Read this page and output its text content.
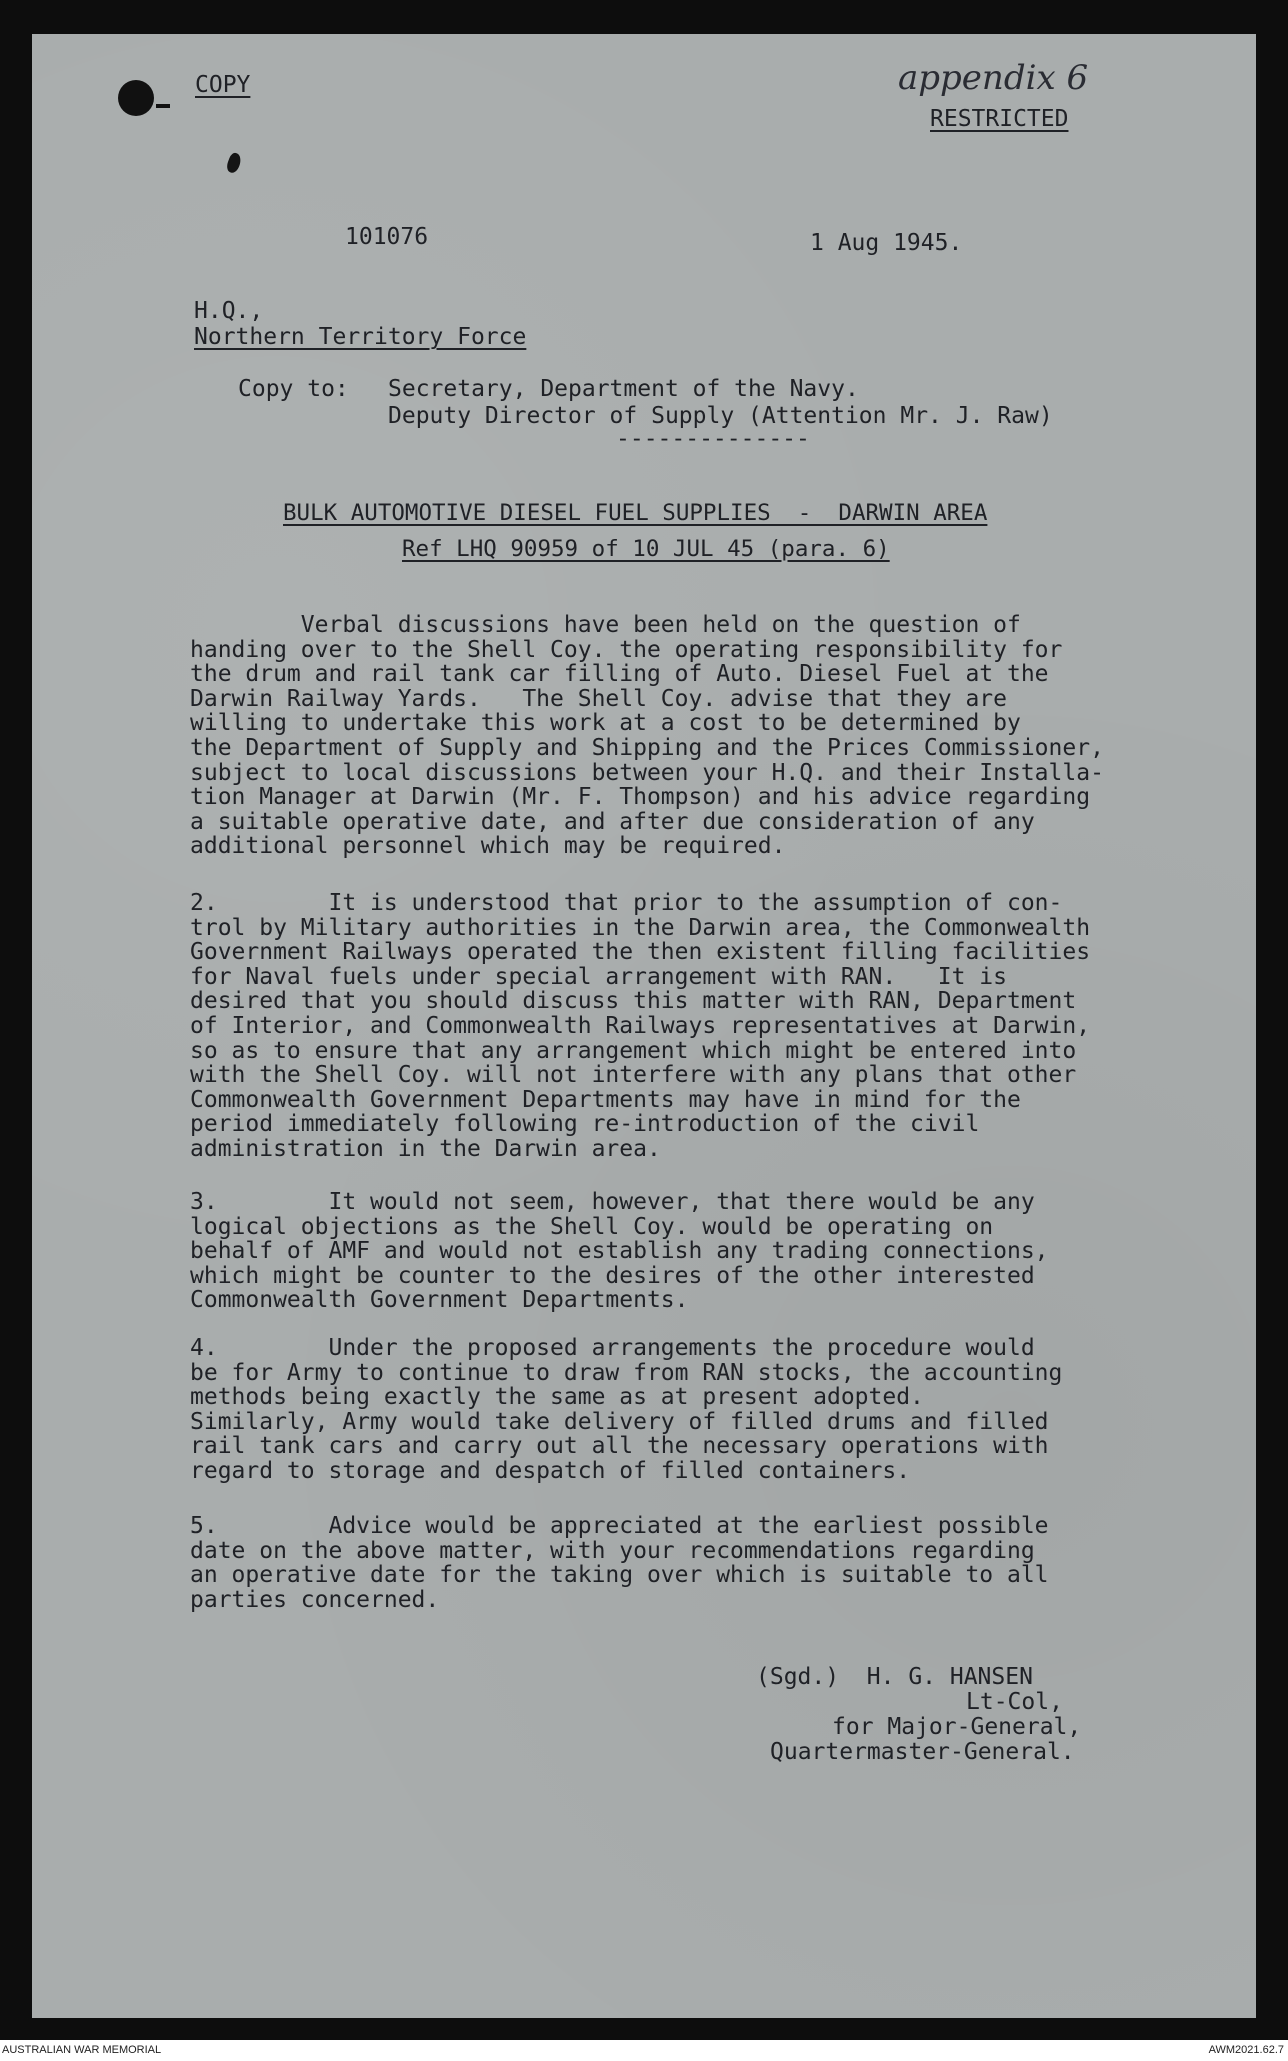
COPY	appendix 6
RESTRICTED
101076	1 Aug 1945.
H.Q.,
Northern Territory Force
Copy to: Secretary, Department of the Navy.
Deputy Director of Supply (Attention Mr. J. Raw)
--------------
BULK AUTOMOTIVE DIESEL FUEL SUPPLIES  -  DARWIN AREA
Ref LHQ 90959 of 10 JUL 45 (para. 6)
Verbal discussions have been held on the question of
handing over to the Shell Coy. the operating responsibility for
the drum and rail tank car filling of Auto. Diesel Fuel at the
Darwin Railway Yards.   The Shell Coy. advise that they are
willing to undertake this work at a cost to be determined by
the Department of Supply and Shipping and the Prices Commissioner,
subject to local discussions between your H.Q. and their Installa-
tion Manager at Darwin (Mr. F. Thompson) and his advice regarding
a suitable operative date, and after due consideration of any
additional personnel which may be required.
2.        It is understood that prior to the assumption of con-
trol by Military authorities in the Darwin area, the Commonwealth
Government Railways operated the then existent filling facilities
for Naval fuels under special arrangement with RAN.   It is
desired that you should discuss this matter with RAN, Department
of Interior, and Commonwealth Railways representatives at Darwin,
so as to ensure that any arrangement which might be entered into
with the Shell Coy. will not interfere with any plans that other
Commonwealth Government Departments may have in mind for the
period immediately following re-introduction of the civil
administration in the Darwin area.
3.        It would not seem, however, that there would be any
logical objections as the Shell Coy. would be operating on
behalf of AMF and would not establish any trading connections,
which might be counter to the desires of the other interested
Commonwealth Government Departments.
4.        Under the proposed arrangements the procedure would
be for Army to continue to draw from RAN stocks, the accounting
methods being exactly the same as at present adopted.
Similarly, Army would take delivery of filled drums and filled
rail tank cars and carry out all the necessary operations with
regard to storage and despatch of filled containers.
5.        Advice would be appreciated at the earliest possible
date on the above matter, with your recommendations regarding
an operative date for the taking over which is suitable to all
parties concerned.
(Sgd.)  H. G. HANSEN
Lt-Col,
for Major-General,
Quartermaster-General.
AUSTRALIAN WAR MEMORIAL	AWM2021.62.7
